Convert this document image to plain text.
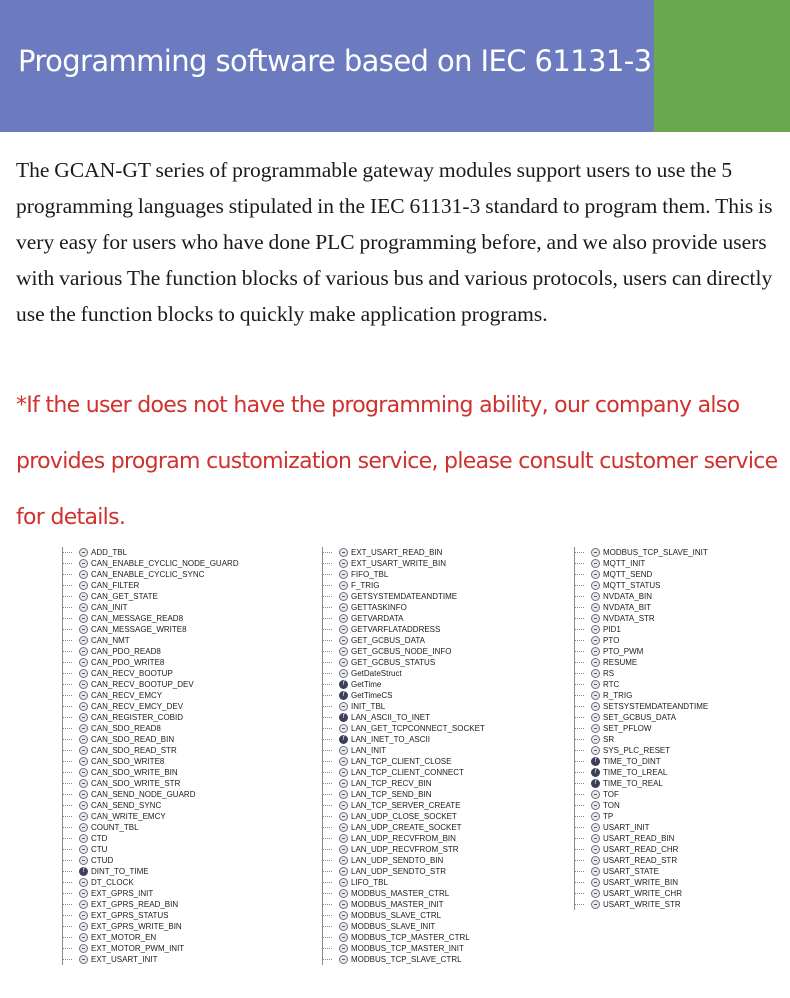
Programming software based on IEC 61131-3

The GCAN-GT series of programmable gateway modules support users to use the 5 programming languages stipulated in the IEC 61131-3 standard to program them. This is very easy for users who have done PLC programming before, and we also provide users with various The function blocks of various bus and various protocols, users can directly use the function blocks to quickly make application programs.

*If the user does not have the programming ability, our company also provides program customization service, please consult customer service for details.

ADD_TBL
CAN_ENABLE_CYCLIC_NODE_GUARD
CAN_ENABLE_CYCLIC_SYNC
CAN_FILTER
CAN_GET_STATE
CAN_INIT
CAN_MESSAGE_READ8
CAN_MESSAGE_WRITE8
CAN_NMT
CAN_PDO_READ8
CAN_PDO_WRITE8
CAN_RECV_BOOTUP
CAN_RECV_BOOTUP_DEV
CAN_RECV_EMCY
CAN_RECV_EMCY_DEV
CAN_REGISTER_COBID
CAN_SDO_READ8
CAN_SDO_READ_BIN
CAN_SDO_READ_STR
CAN_SDO_WRITE8
CAN_SDO_WRITE_BIN
CAN_SDO_WRITE_STR
CAN_SEND_NODE_GUARD
CAN_SEND_SYNC
CAN_WRITE_EMCY
COUNT_TBL
CTD
CTU
CTUD
f DINT_TO_TIME
DT_CLOCK
EXT_GPRS_INIT
EXT_GPRS_READ_BIN
EXT_GPRS_STATUS
EXT_GPRS_WRITE_BIN
EXT_MOTOR_EN
EXT_MOTOR_PWM_INIT
EXT_USART_INIT
EXT_USART_READ_BIN
EXT_USART_WRITE_BIN
FIFO_TBL
F_TRIG
GETSYSTEMDATEANDTIME
GETTASKINFO
GETVARDATA
GETVARFLATADDRESS
GET_GCBUS_DATA
GET_GCBUS_NODE_INFO
GET_GCBUS_STATUS
GetDateStruct
f GetTime
f GetTimeCS
INIT_TBL
f LAN_ASCII_TO_INET
LAN_GET_TCPCONNECT_SOCKET
f LAN_INET_TO_ASCII
LAN_INIT
LAN_TCP_CLIENT_CLOSE
LAN_TCP_CLIENT_CONNECT
LAN_TCP_RECV_BIN
LAN_TCP_SEND_BIN
LAN_TCP_SERVER_CREATE
LAN_UDP_CLOSE_SOCKET
LAN_UDP_CREATE_SOCKET
LAN_UDP_RECVFROM_BIN
LAN_UDP_RECVFROM_STR
LAN_UDP_SENDTO_BIN
LAN_UDP_SENDTO_STR
LIFO_TBL
MODBUS_MASTER_CTRL
MODBUS_MASTER_INIT
MODBUS_SLAVE_CTRL
MODBUS_SLAVE_INIT
MODBUS_TCP_MASTER_CTRL
MODBUS_TCP_MASTER_INIT
MODBUS_TCP_SLAVE_CTRL
MODBUS_TCP_SLAVE_INIT
MQTT_INIT
MQTT_SEND
MQTT_STATUS
NVDATA_BIN
NVDATA_BIT
NVDATA_STR
PID1
PTO
PTO_PWM
RESUME
RS
RTC
R_TRIG
SETSYSTEMDATEANDTIME
SET_GCBUS_DATA
SET_PFLOW
SR
SYS_PLC_RESET
f TIME_TO_DINT
f TIME_TO_LREAL
f TIME_TO_REAL
TOF
TON
TP
USART_INIT
USART_READ_BIN
USART_READ_CHR
USART_READ_STR
USART_STATE
USART_WRITE_BIN
USART_WRITE_CHR
USART_WRITE_STR
